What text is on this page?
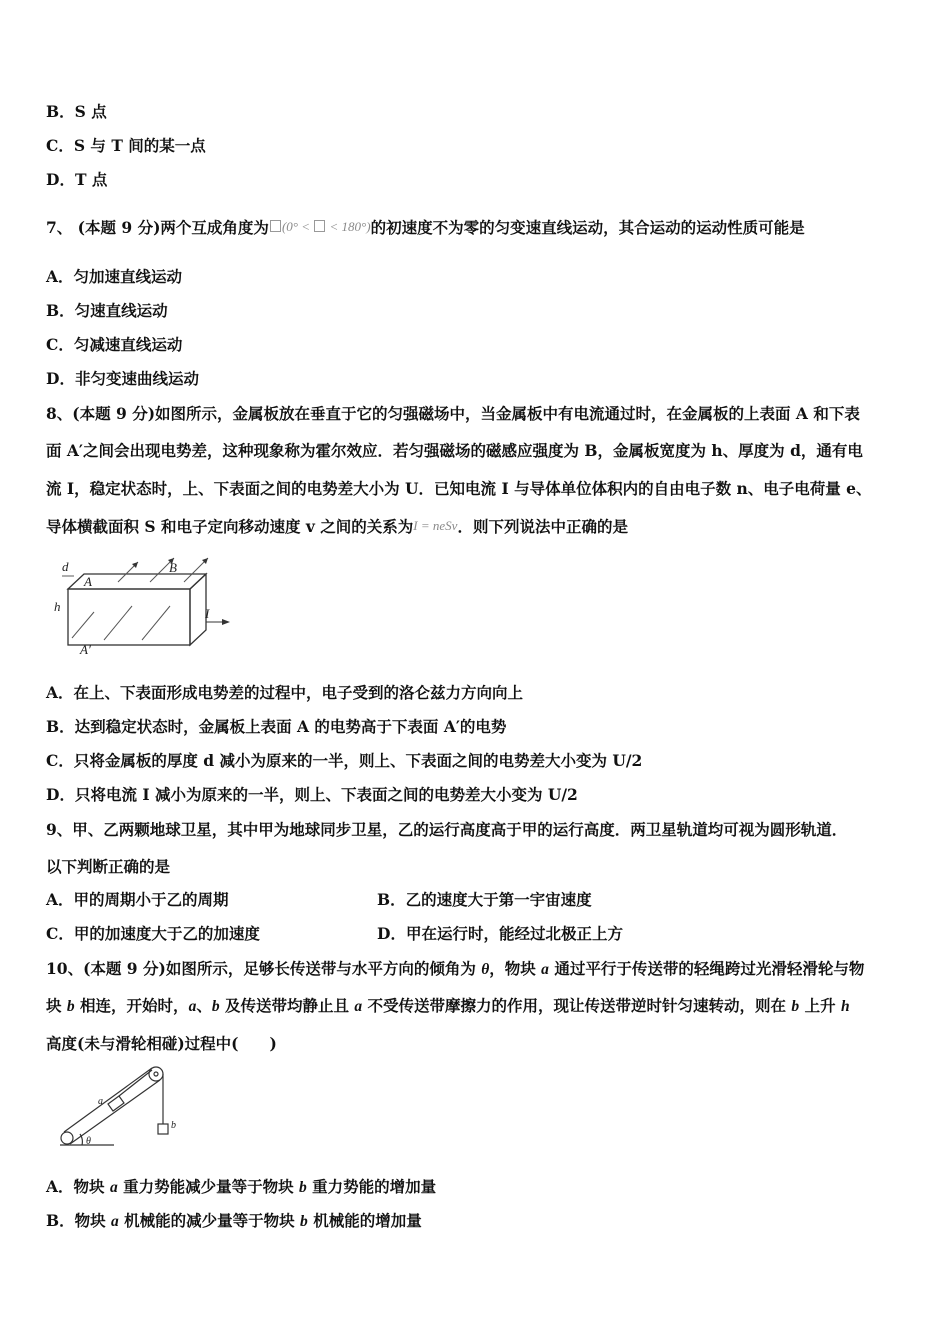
B．S 点
C．S 与 T 间的某一点
D．T 点
7、 (本题 9 分)两个互成角度为 (0° <  < 180°)的初速度不为零的匀变速直线运动，其合运动的运动性质可能是
A．匀加速直线运动
B．匀速直线运动
C．匀减速直线运动
D．非匀变速曲线运动
8、(本题 9 分)如图所示，金属板放在垂直于它的匀强磁场中，当金属板中有电流通过时，在金属板的上表面 A 和下表
面 A′之间会出现电势差，这种现象称为霍尔效应．若匀强磁场的磁感应强度为 B，金属板宽度为 h、厚度为 d，通有电
流 I，稳定状态时，上、下表面之间的电势差大小为 U．已知电流 I 与导体单位体积内的自由电子数 n、电子电荷量 e、
导体横截面积 S 和电子定向移动速度 v 之间的关系为I = neSv．则下列说法中正确的是
d
A
B
h	I
A′
A．在上、下表面形成电势差的过程中，电子受到的洛仑兹力方向向上
B．达到稳定状态时，金属板上表面 A 的电势高于下表面 A′的电势
C．只将金属板的厚度 d 减小为原来的一半，则上、下表面之间的电势差大小变为 U/2
D．只将电流 I 减小为原来的一半，则上、下表面之间的电势差大小变为 U/2
9、甲、乙两颗地球卫星，其中甲为地球同步卫星，乙的运行高度高于甲的运行高度．两卫星轨道均可视为圆形轨道．
以下判断正确的是
A．甲的周期小于乙的周期	B．乙的速度大于第一宇宙速度
C．甲的加速度大于乙的加速度	D．甲在运行时，能经过北极正上方
10、(本题 9 分)如图所示，足够长传送带与水平方向的倾角为 θ，物块 a 通过平行于传送带的轻绳跨过光滑轻滑轮与物
块 b 相连，开始时，a、b 及传送带均静止且 a 不受传送带摩擦力的作用，现让传送带逆时针匀速转动，则在 b 上升 h
高度(未与滑轮相碰)过程中(　　)
a
b
θ
A．物块 a 重力势能减少量等于物块 b 重力势能的增加量
B．物块 a 机械能的减少量等于物块 b 机械能的增加量
